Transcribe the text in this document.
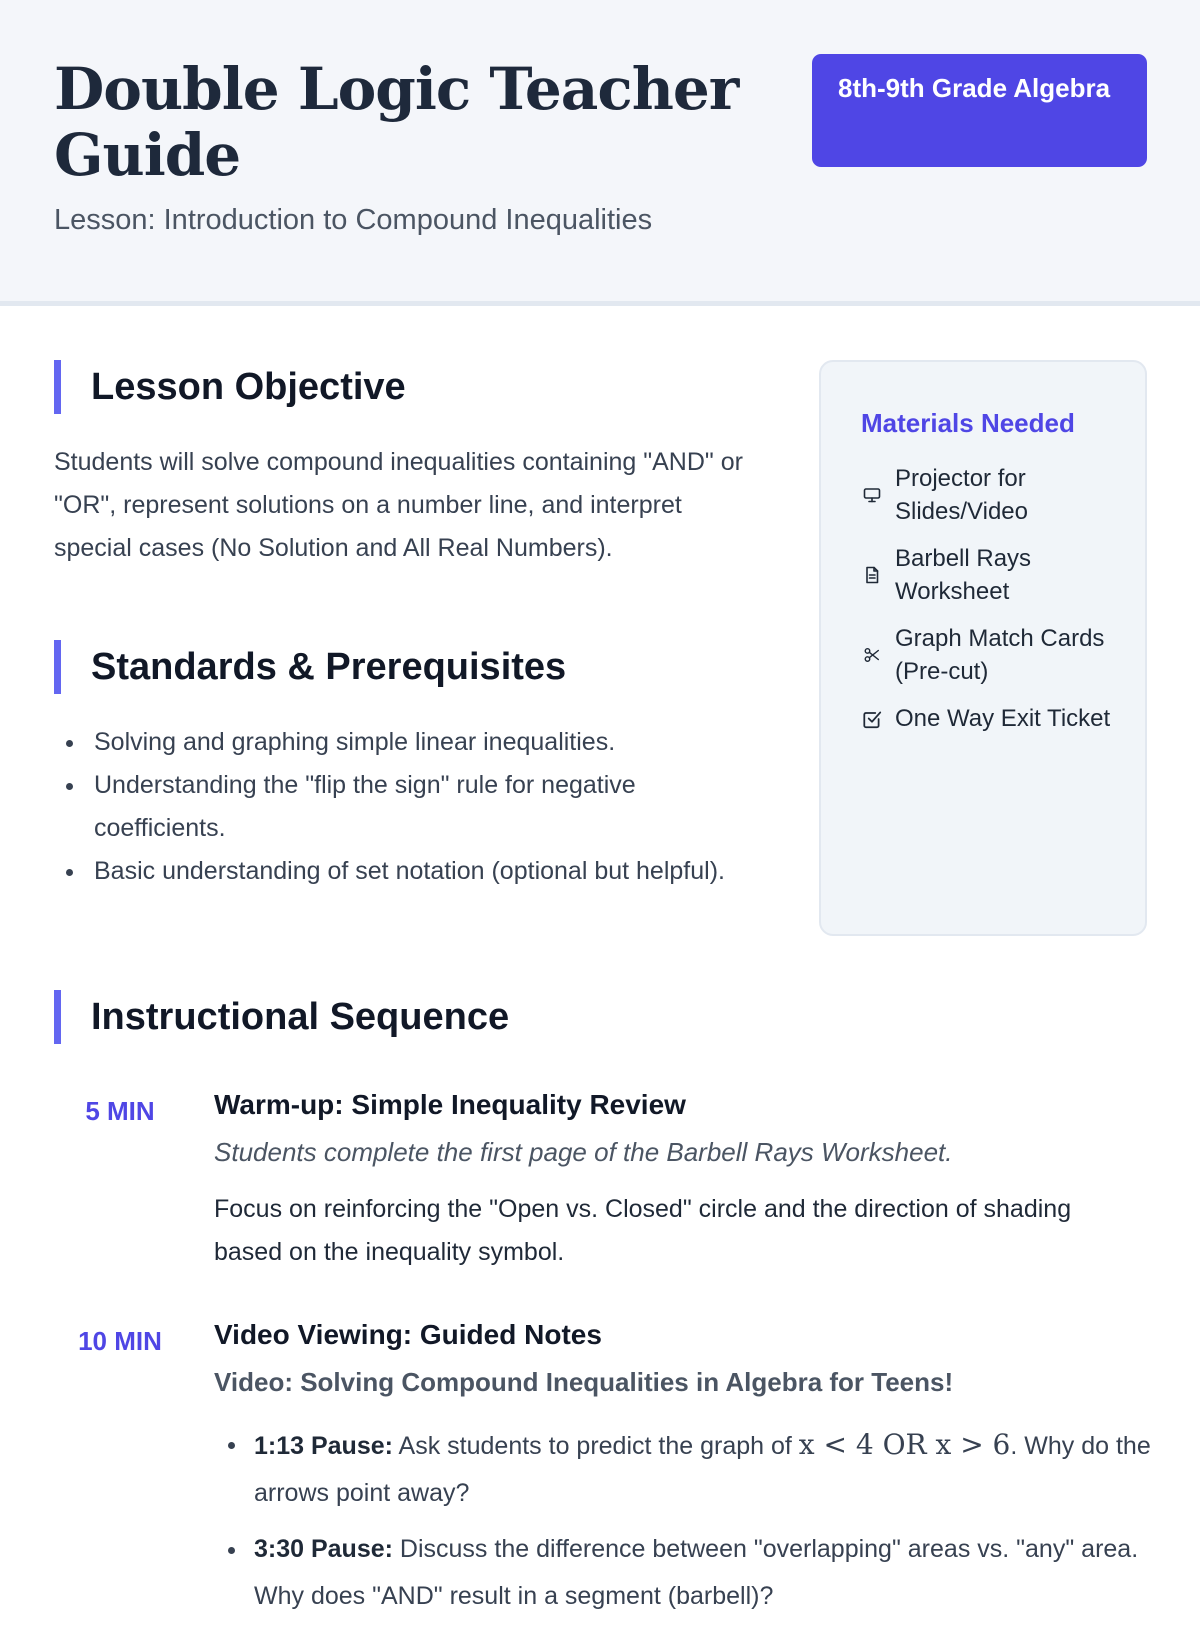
Double Logic Teacher Guide
Lesson: Introduction to Compound Inequalities
8th-9th Grade Algebra
Lesson Objective

Students will solve compound inequalities containing "AND" or "OR", represent solutions on a number line, and interpret special cases (No Solution and All Real Numbers).

Standards & Prerequisites
Solving and graphing simple linear inequalities.
Understanding the "flip the sign" rule for negative coefficients.
Basic understanding of set notation (optional but helpful).
Materials Needed
Projector for Slides/Video
Barbell Rays Worksheet
Graph Match Cards (Pre-cut)
One Way Exit Ticket
Instructional Sequence
5 MIN	Warm-up: Simple Inequality Review
Students complete the first page of the Barbell Rays Worksheet.

Focus on reinforcing the "Open vs. Closed" circle and the direction of shading based on the inequality symbol.

10 MIN	Video Viewing: Guided Notes
Video: Solving Compound Inequalities in Algebra for Teens!
1:13 Pause: Ask students to predict the graph of x < 4 OR x > 6. Why do the arrows point away?
3:30 Pause: Discuss the difference between "overlapping" areas vs. "any" area. Why does "AND" result in a segment (barbell)?
